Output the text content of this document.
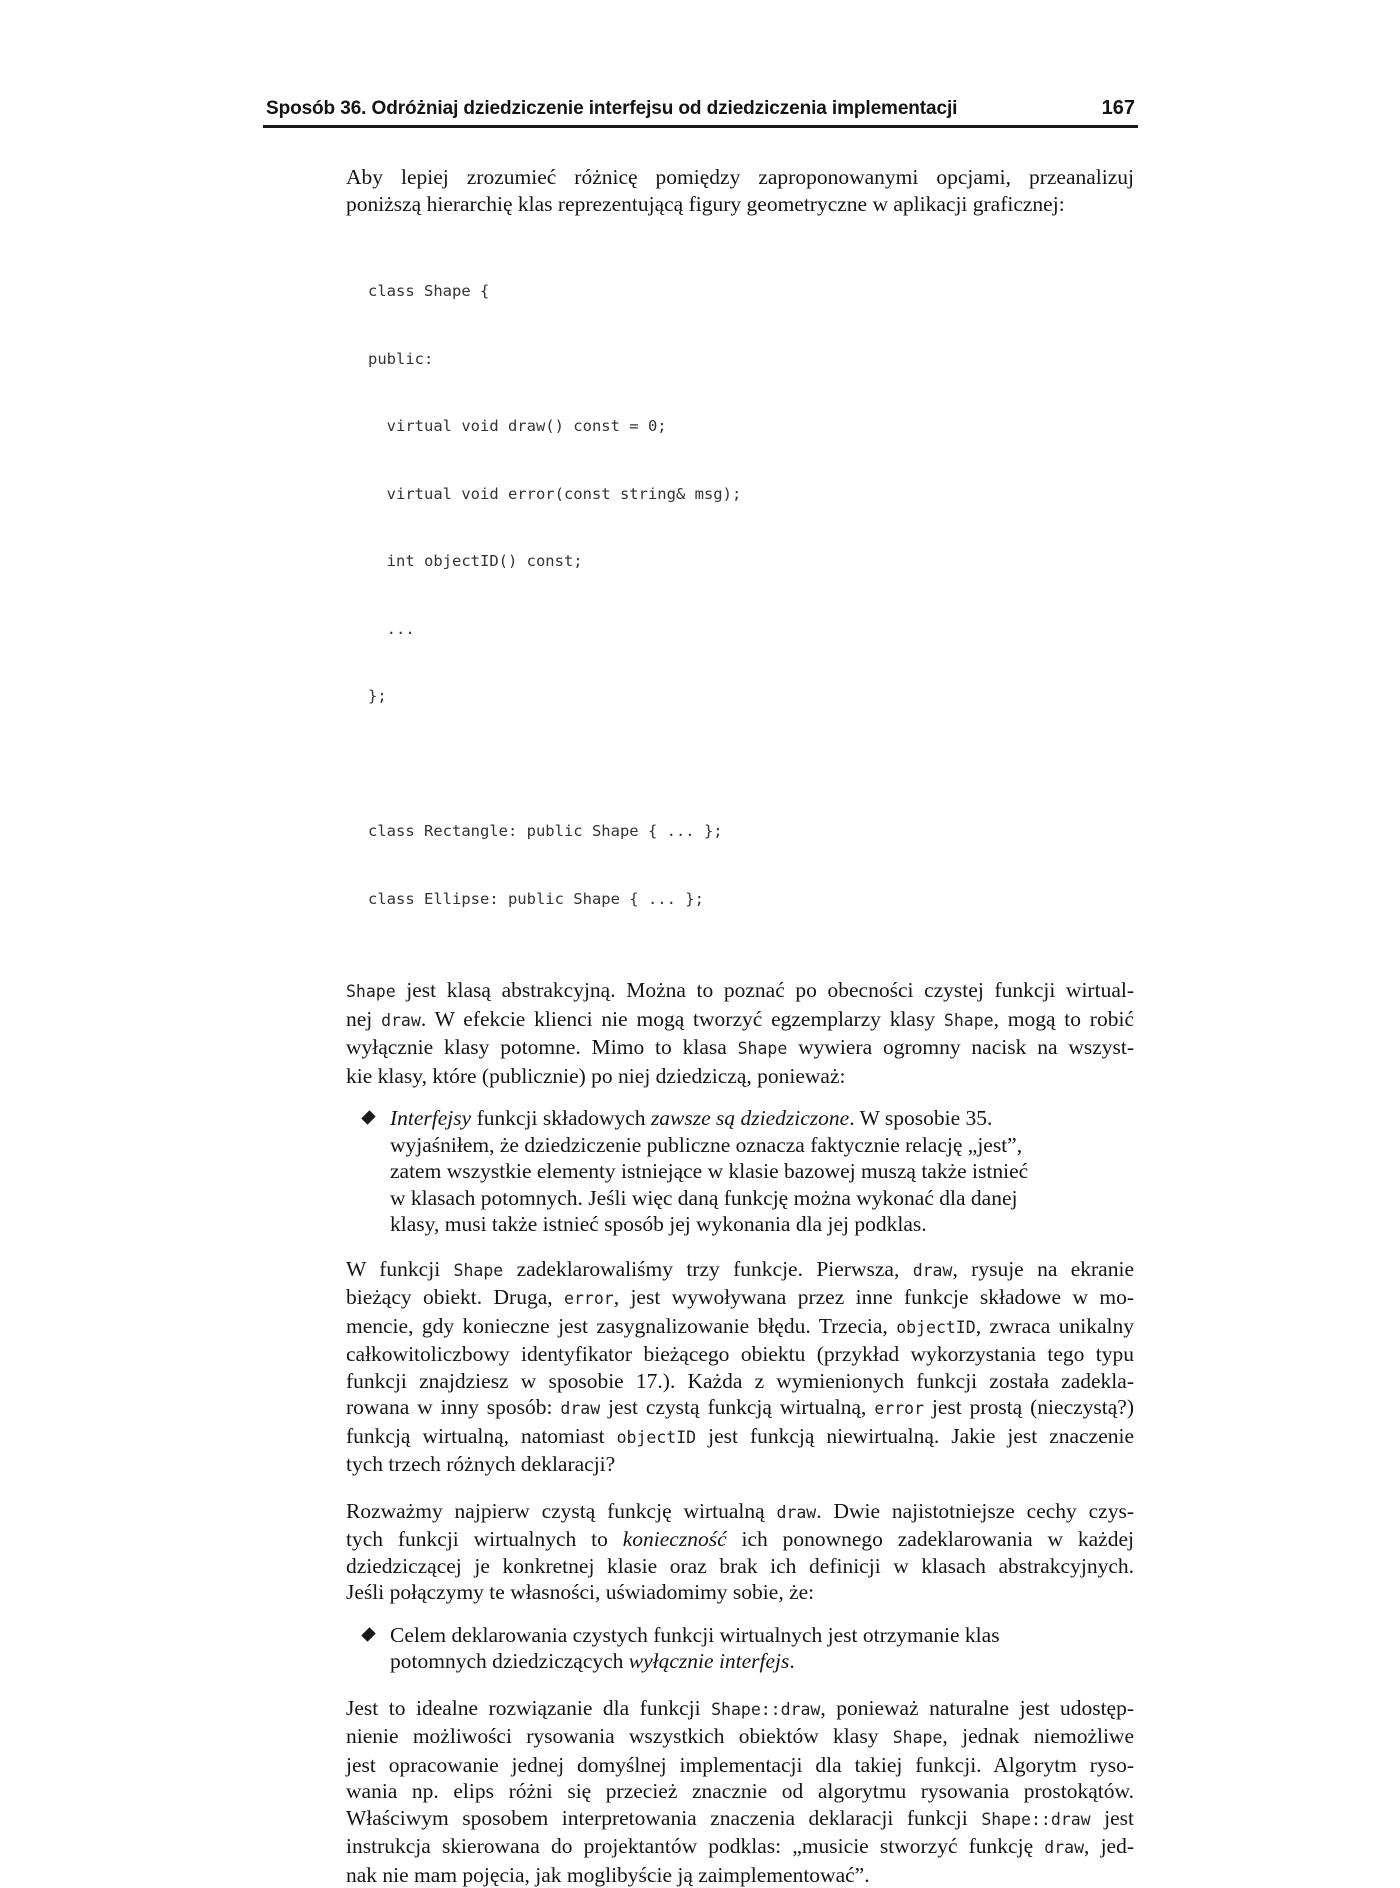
Sposób 36. Odróżniaj dziedziczenie interfejsu od dziedziczenia implementacji	167
Aby lepiej zrozumieć różnicę pomiędzy zaproponowanymi opcjami, przeanalizuj
poniższą hierarchię klas reprezentującą figury geometryczne w aplikacji graficznej:

class Shape {

public:

virtual void draw() const = 0;

virtual void error(const string& msg);

int objectID() const;

...

};

class Rectangle: public Shape { ... };

class Ellipse: public Shape { ... };

Shape jest klasą abstrakcyjną. Można to poznać po obecności czystej funkcji wirtual-
nej draw. W efekcie klienci nie mogą tworzyć egzemplarzy klasy Shape, mogą to robić
wyłącznie klasy potomne. Mimo to klasa Shape wywiera ogromny nacisk na wszyst-
kie klasy, które (publicznie) po niej dziedziczą, ponieważ:
Interfejsy funkcji składowych zawsze są dziedziczone. W sposobie 35.
wyjaśniłem, że dziedziczenie publiczne oznacza faktycznie relację „jest”,
zatem wszystkie elementy istniejące w klasie bazowej muszą także istnieć
w klasach potomnych. Jeśli więc daną funkcję można wykonać dla danej
klasy, musi także istnieć sposób jej wykonania dla jej podklas.
W funkcji Shape zadeklarowaliśmy trzy funkcje. Pierwsza, draw, rysuje na ekranie
bieżący obiekt. Druga, error, jest wywoływana przez inne funkcje składowe w mo-
mencie, gdy konieczne jest zasygnalizowanie błędu. Trzecia, objectID, zwraca unikalny
całkowitoliczbowy identyfikator bieżącego obiektu (przykład wykorzystania tego typu
funkcji znajdziesz w sposobie 17.). Każda z wymienionych funkcji została zadekla-
rowana w inny sposób: draw jest czystą funkcją wirtualną, error jest prostą (nieczystą?)
funkcją wirtualną, natomiast objectID jest funkcją niewirtualną. Jakie jest znaczenie
tych trzech różnych deklaracji?
Rozważmy najpierw czystą funkcję wirtualną draw. Dwie najistotniejsze cechy czys-
tych funkcji wirtualnych to konieczność ich ponownego zadeklarowania w każdej
dziedziczącej je konkretnej klasie oraz brak ich definicji w klasach abstrakcyjnych.
Jeśli połączymy te własności, uświadomimy sobie, że:
Celem deklarowania czystych funkcji wirtualnych jest otrzymanie klas
potomnych dziedziczących wyłącznie interfejs.
Jest to idealne rozwiązanie dla funkcji Shape::draw, ponieważ naturalne jest udostęp-
nienie możliwości rysowania wszystkich obiektów klasy Shape, jednak niemożliwe
jest opracowanie jednej domyślnej implementacji dla takiej funkcji. Algorytm ryso-
wania np. elips różni się przecież znacznie od algorytmu rysowania prostokątów.
Właściwym sposobem interpretowania znaczenia deklaracji funkcji Shape::draw jest
instrukcja skierowana do projektantów podklas: „musicie stworzyć funkcję draw, jed-
nak nie mam pojęcia, jak moglibyście ją zaimplementować”.
